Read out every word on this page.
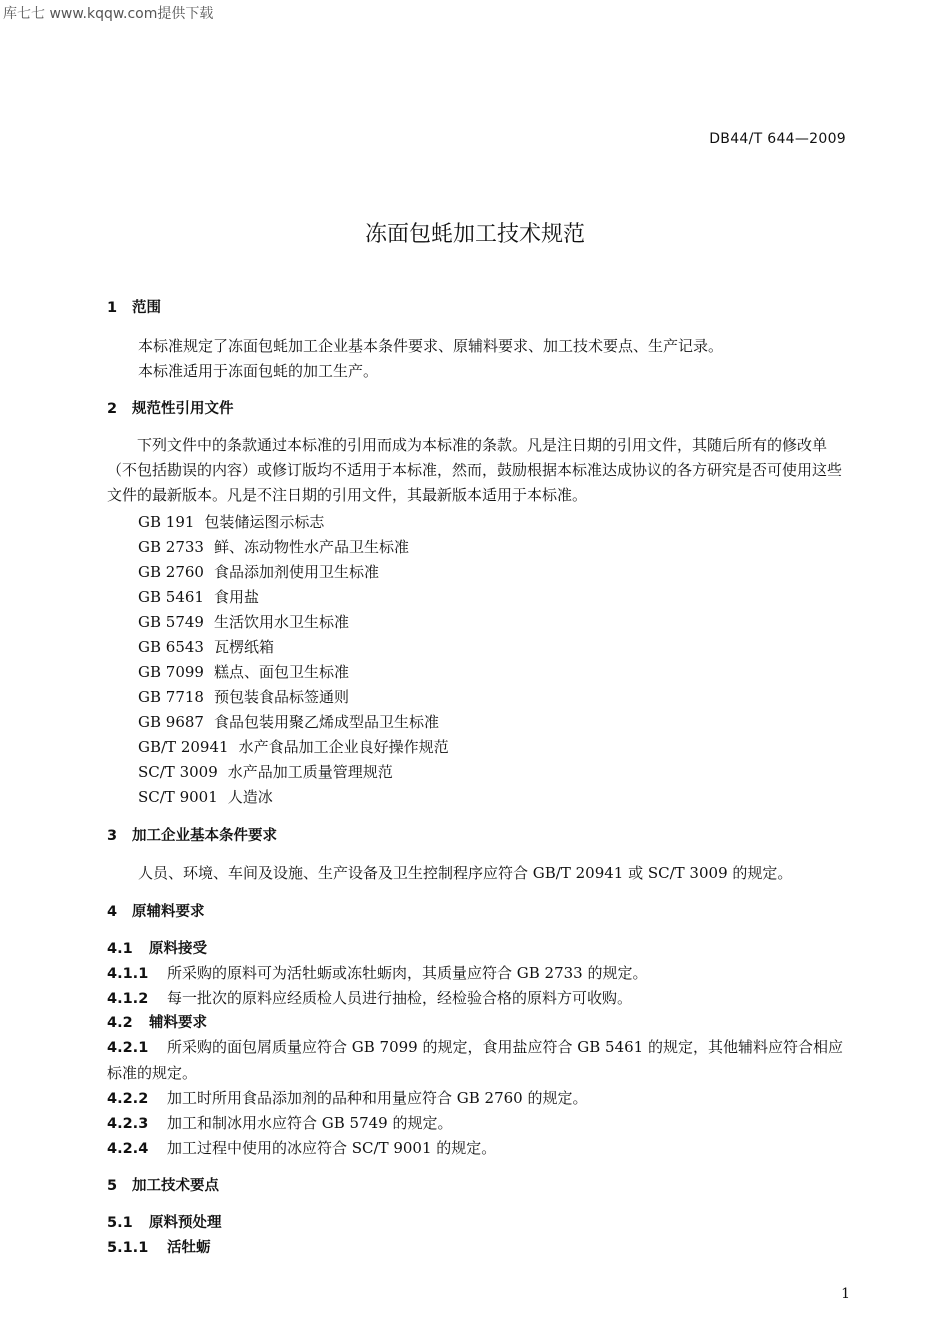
库七七 www.kqqw.com提供下载
DB44/T 644—2009
冻面包蚝加工技术规范
1 范围
本标准规定了冻面包蚝加工企业基本条件要求、原辅料要求、加工技术要点、生产记录。
本标准适用于冻面包蚝的加工生产。
2 规范性引用文件

下列文件中的条款通过本标准的引用而成为本标准的条款。凡是注日期的引用文件，其随后所有的修改单（不包括勘误的内容）或修订版均不适用于本标准，然而，鼓励根据本标准达成协议的各方研究是否可使用这些文件的最新版本。凡是不注日期的引用文件，其最新版本适用于本标准。

GB 191 包装储运图示标志
GB 2733 鲜、冻动物性水产品卫生标准
GB 2760 食品添加剂使用卫生标准
GB 5461 食用盐
GB 5749 生活饮用水卫生标准
GB 6543 瓦楞纸箱
GB 7099 糕点、面包卫生标准
GB 7718 预包装食品标签通则
GB 9687 食品包装用聚乙烯成型品卫生标准
GB/T 20941 水产食品加工企业良好操作规范
SC/T 3009 水产品加工质量管理规范
SC/T 9001 人造冰
3 加工企业基本条件要求
人员、环境、车间及设施、生产设备及卫生控制程序应符合 GB/T 20941 或 SC/T 3009 的规定。
4 原辅料要求
4.1 原料接受
4.1.1 所采购的原料可为活牡蛎或冻牡蛎肉，其质量应符合 GB 2733 的规定。
4.1.2 每一批次的原料应经质检人员进行抽检，经检验合格的原料方可收购。
4.2 辅料要求

4.2.1 所采购的面包屑质量应符合 GB 7099 的规定，食用盐应符合 GB 5461 的规定，其他辅料应符合相应标准的规定。

4.2.2 加工时所用食品添加剂的品种和用量应符合 GB 2760 的规定。
4.2.3 加工和制冰用水应符合 GB 5749 的规定。
4.2.4 加工过程中使用的冰应符合 SC/T 9001 的规定。
5 加工技术要点
5.1 原料预处理
5.1.1 活牡蛎
1
